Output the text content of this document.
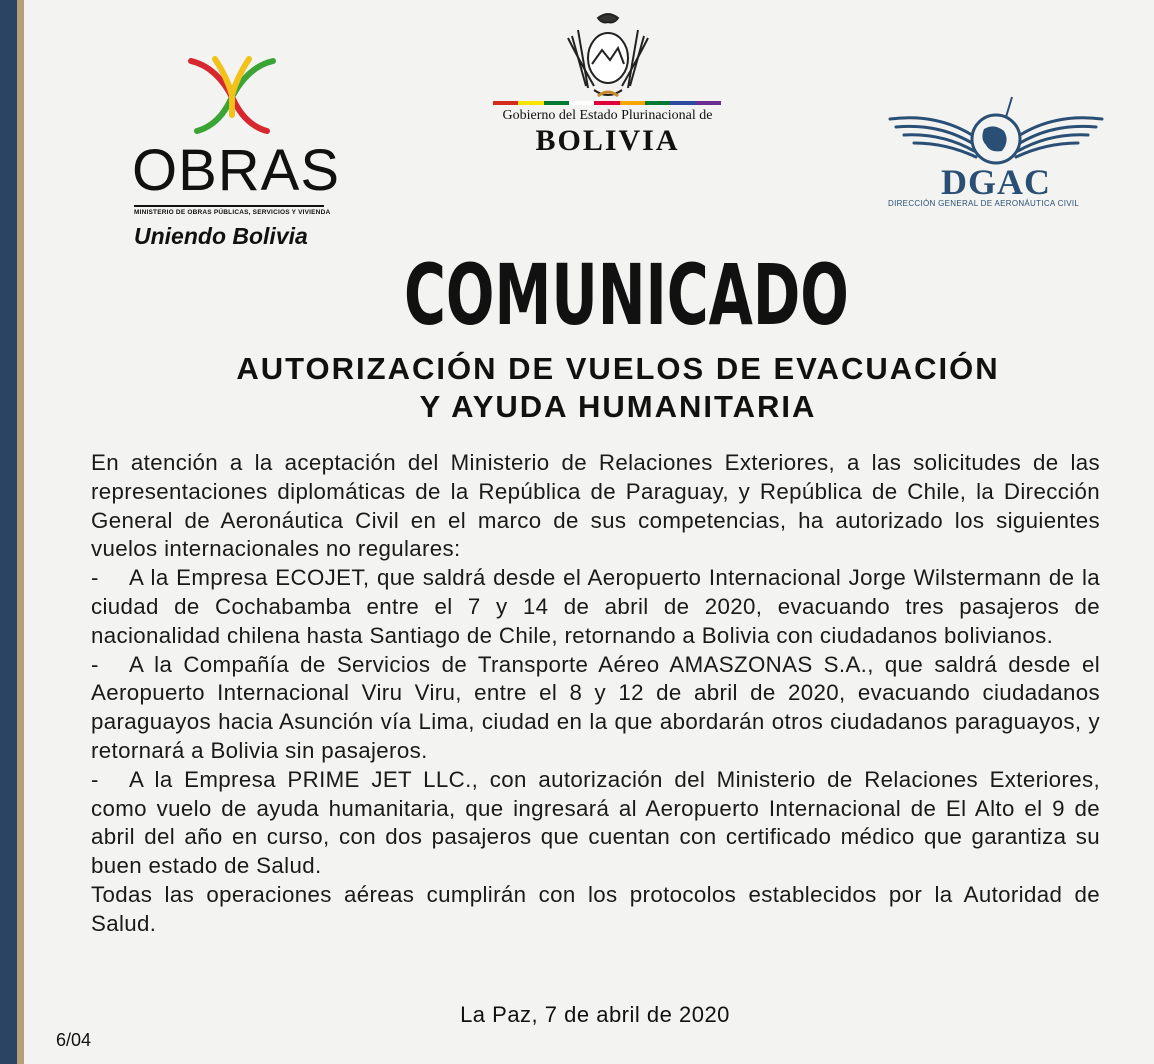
OBRAS
MINISTERIO DE OBRAS PÚBLICAS, SERVICIOS Y VIVIENDA
Uniendo Bolivia
Gobierno del Estado Plurinacional de
BOLIVIA
DGAC
DIRECCIÓN GENERAL DE AERONÁUTICA CIVIL
COMUNICADO
AUTORIZACIÓN DE VUELOS DE EVACUACIÓN
Y AYUDA HUMANITARIA

En atención a la aceptación del Ministerio de Relaciones Exteriores, a las solicitudes de las representaciones diplomáticas de la República de Paraguay, y República de Chile, la Dirección General de Aeronáutica Civil en el marco de sus competencias, ha autorizado los siguientes vuelos internacionales no regulares:

- A la Empresa ECOJET, que saldrá desde el Aeropuerto Internacional Jorge Wilstermann de la ciudad de Cochabamba entre el 7 y 14 de abril de 2020, evacuando tres pasajeros de nacionalidad chilena hasta Santiago de Chile, retornando a Bolivia con ciudadanos bolivianos.

- A la Compañía de Servicios de Transporte Aéreo AMASZONAS S.A., que saldrá desde el Aeropuerto Internacional Viru Viru, entre el 8 y 12 de abril de 2020, evacuando ciudadanos paraguayos hacia Asunción vía Lima, ciudad en la que abordarán otros ciudadanos paraguayos, y retornará a Bolivia sin pasajeros.

- A la Empresa PRIME JET LLC., con autorización del Ministerio de Relaciones Exteriores, como vuelo de ayuda humanitaria, que ingresará al Aeropuerto Internacional de El Alto el 9 de abril del año en curso, con dos pasajeros que cuentan con certificado médico que garantiza su buen estado de Salud.

Todas las operaciones aéreas cumplirán con los protocolos establecidos por la Autoridad de Salud.

La Paz, 7 de abril de 2020
6/04
